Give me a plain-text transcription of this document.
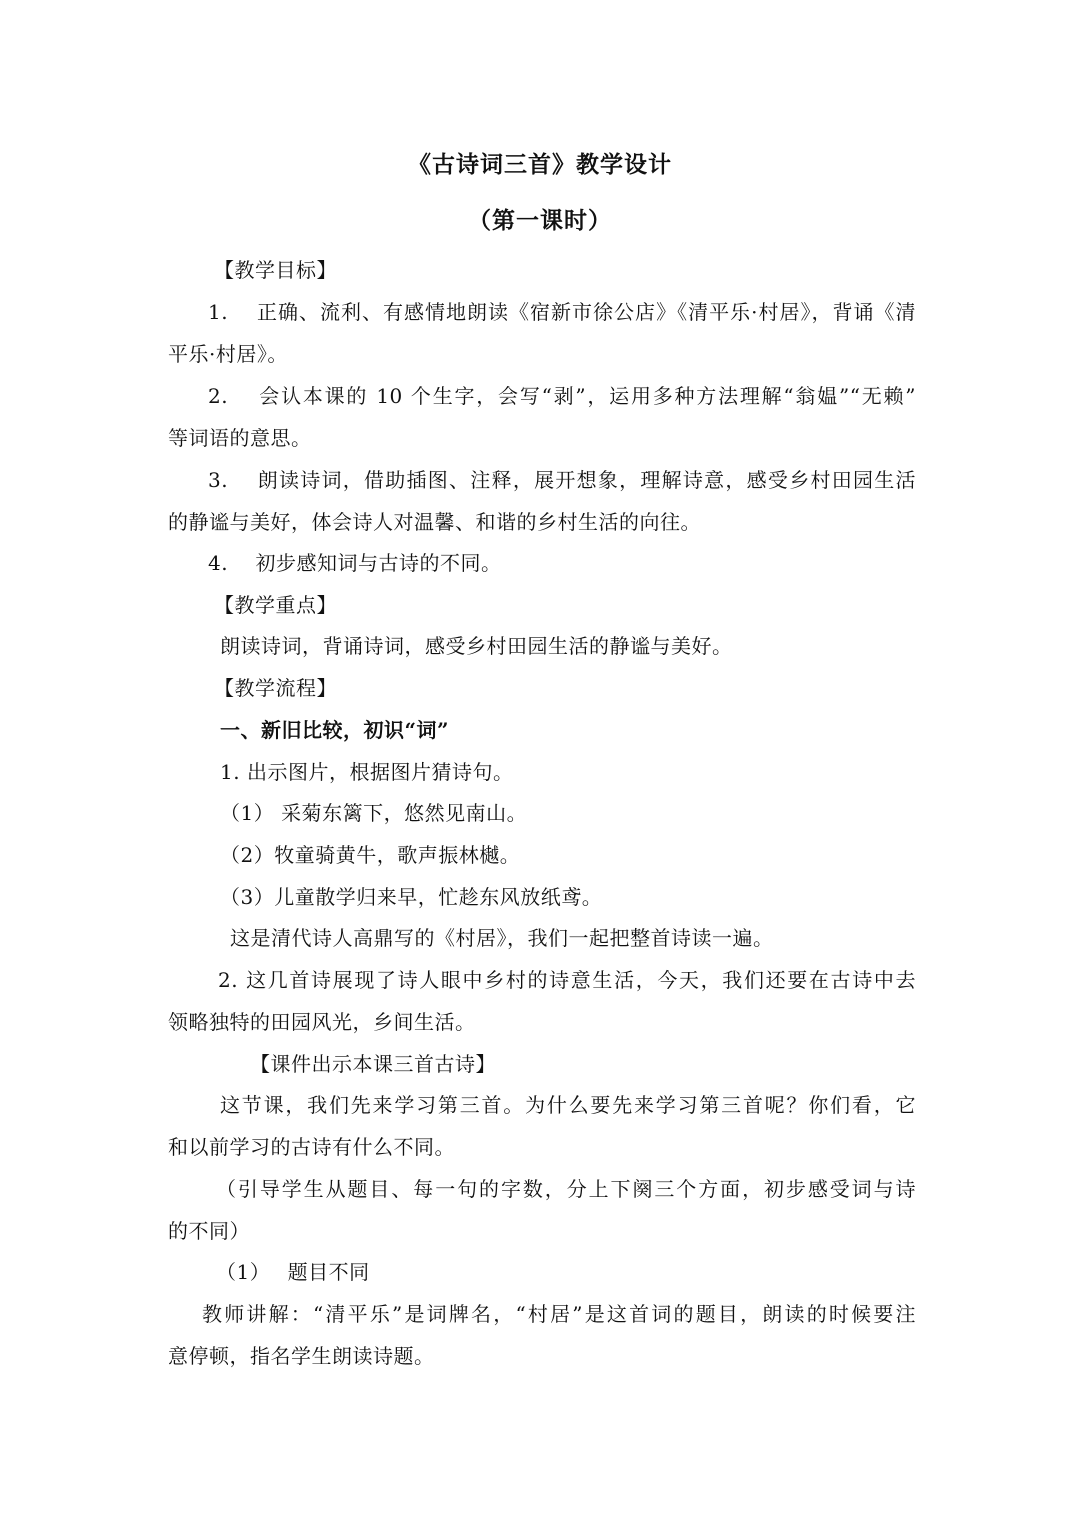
《古诗词三首》教学设计
（第一课时）
【教学目标】
1.　 正确、流利、有感情地朗读《宿新市徐公店》《清平乐·村居》，背诵《清
平乐·村居》。
2.　 会认本课的 10 个生字，会写“剥”，运用多种方法理解“翁媪”“无赖”
等词语的意思。
3.　 朗读诗词，借助插图、注释，展开想象，理解诗意，感受乡村田园生活
的静谧与美好，体会诗人对温馨、和谐的乡村生活的向往。
4.　 初步感知词与古诗的不同。
【教学重点】
朗读诗词，背诵诗词，感受乡村田园生活的静谧与美好。
【教学流程】
一、新旧比较，初识“词”
1. 出示图片，根据图片猜诗句。
（1） 采菊东篱下，悠然见南山。
（2）牧童骑黄牛，歌声振林樾。
（3）儿童散学归来早，忙趁东风放纸鸢。
这是清代诗人高鼎写的《村居》，我们一起把整首诗读一遍。
2. 这几首诗展现了诗人眼中乡村的诗意生活，今天，我们还要在古诗中去
领略独特的田园风光，乡间生活。
【课件出示本课三首古诗】
这节课，我们先来学习第三首。为什么要先来学习第三首呢？你们看，它
和以前学习的古诗有什么不同。
（引导学生从题目、每一句的字数，分上下阕三个方面，初步感受词与诗
的不同）
（1）　 题目不同
教师讲解：“清平乐”是词牌名，“村居”是这首词的题目，朗读的时候要注
意停顿，指名学生朗读诗题。
